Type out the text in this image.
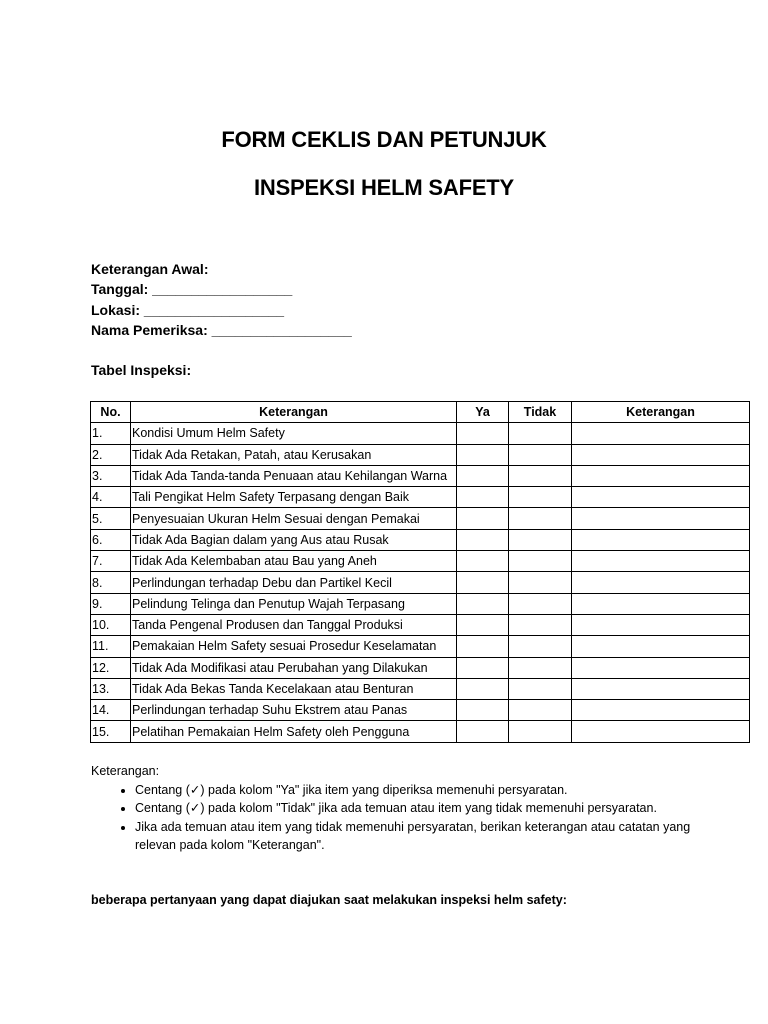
FORM CEKLIS DAN PETUNJUK
INSPEKSI HELM SAFETY
Keterangan Awal:
Tanggal: __________________
Lokasi: __________________
Nama Pemeriksa: __________________
Tabel Inspeksi:
No.	Keterangan	Ya	Tidak	Keterangan
1.	Kondisi Umum Helm Safety			
2.	Tidak Ada Retakan, Patah, atau Kerusakan			
3.	Tidak Ada Tanda-tanda Penuaan atau Kehilangan Warna			
4.	Tali Pengikat Helm Safety Terpasang dengan Baik			
5.	Penyesuaian Ukuran Helm Sesuai dengan Pemakai			
6.	Tidak Ada Bagian dalam yang Aus atau Rusak			
7.	Tidak Ada Kelembaban atau Bau yang Aneh			
8.	Perlindungan terhadap Debu dan Partikel Kecil			
9.	Pelindung Telinga dan Penutup Wajah Terpasang			
10.	Tanda Pengenal Produsen dan Tanggal Produksi			
11.	Pemakaian Helm Safety sesuai Prosedur Keselamatan			
12.	Tidak Ada Modifikasi atau Perubahan yang Dilakukan			
13.	Tidak Ada Bekas Tanda Kecelakaan atau Benturan			
14.	Perlindungan terhadap Suhu Ekstrem atau Panas			
15.	Pelatihan Pemakaian Helm Safety oleh Pengguna			
Keterangan:
• Centang (✓) pada kolom "Ya" jika item yang diperiksa memenuhi persyaratan.
• Centang (✓) pada kolom "Tidak" jika ada temuan atau item yang tidak memenuhi persyaratan.
• Jika ada temuan atau item yang tidak memenuhi persyaratan, berikan keterangan atau catatan yang relevan pada kolom "Keterangan".
beberapa pertanyaan yang dapat diajukan saat melakukan inspeksi helm safety:
